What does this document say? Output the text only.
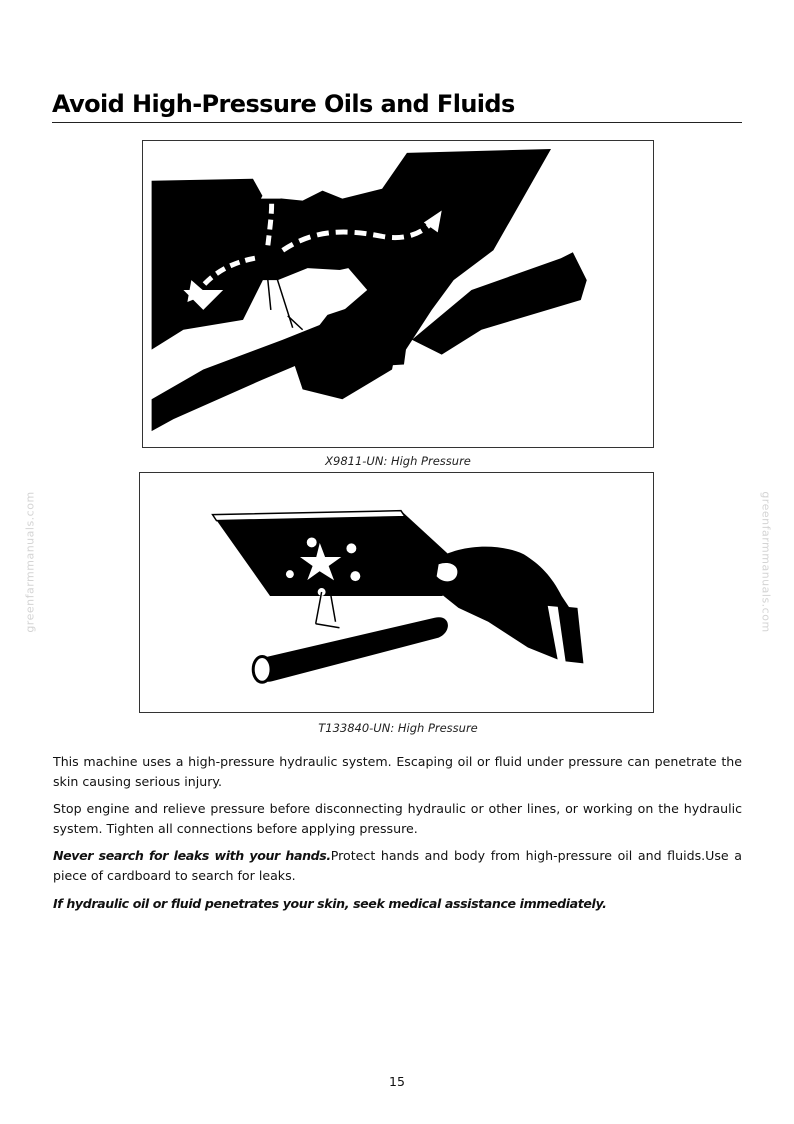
Avoid High-Pressure Oils and Fluids
greenfarmmanuals.com	greenfarmmanuals.com
X9811-UN: High Pressure
T133840-UN: High Pressure

This machine uses a high-pressure hydraulic system. Escaping oil or fluid under pressure can penetrate the skin causing serious injury.

Stop engine and relieve pressure before disconnecting hydraulic or other lines, or working on the hydraulic system. Tighten all connections before applying pressure.

Never search for leaks with your hands.Protect hands and body from high-pressure oil and fluids.Use a piece of cardboard to search for leaks.

If hydraulic oil or fluid penetrates your skin, seek medical assistance immediately.

15
